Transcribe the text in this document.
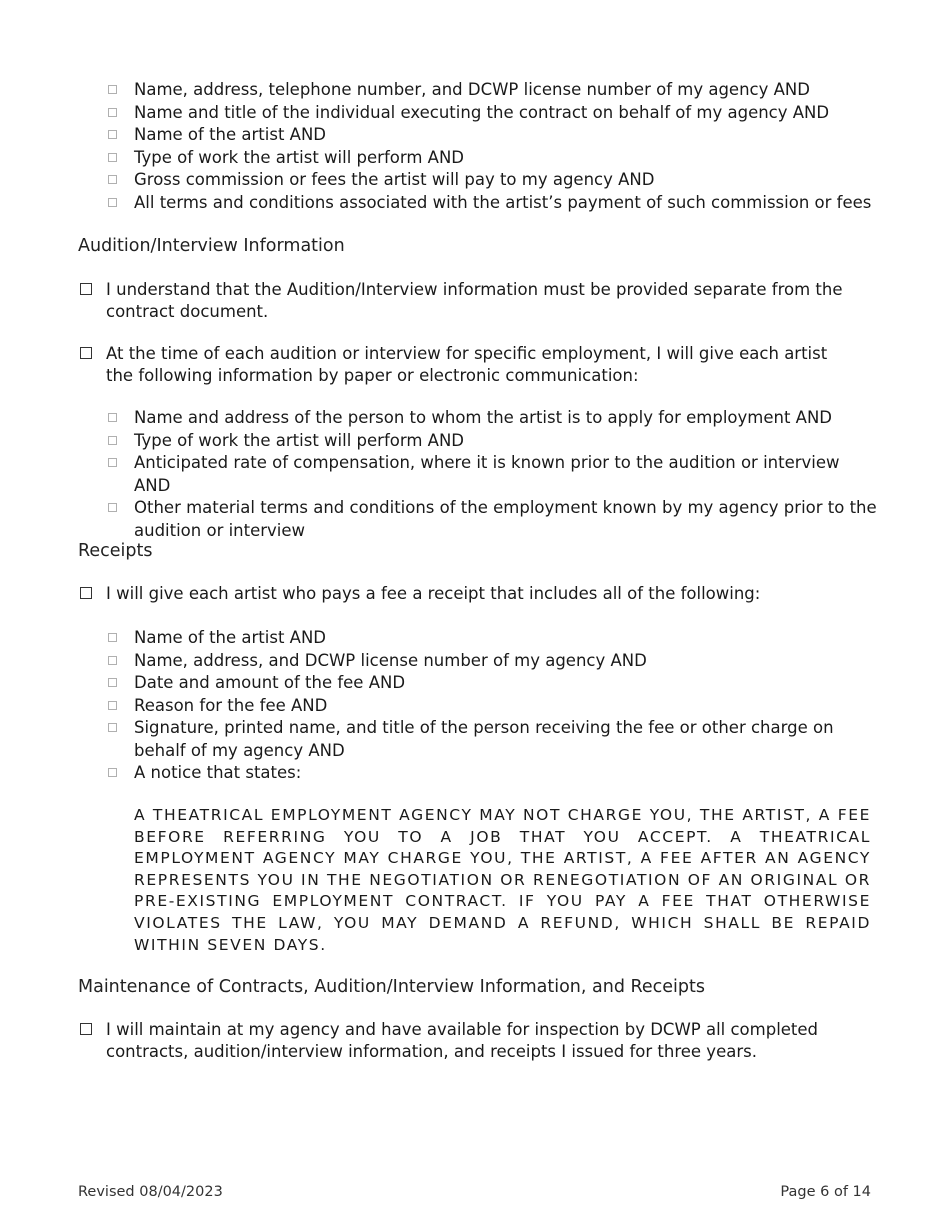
Name, address, telephone number, and DCWP license number of my agency AND
Name and title of the individual executing the contract on behalf of my agency AND
Name of the artist AND
Type of work the artist will perform AND
Gross commission or fees the artist will pay to my agency AND
All terms and conditions associated with the artist’s payment of such commission or fees
Audition/Interview Information
I understand that the Audition/Interview information must be provided separate from the contract document.
At the time of each audition or interview for specific employment, I will give each artist the following information by paper or electronic communication:
Name and address of the person to whom the artist is to apply for employment AND
Type of work the artist will perform AND
Anticipated rate of compensation, where it is known prior to the audition or interview AND
Other material terms and conditions of the employment known by my agency prior to the audition or interview
Receipts
I will give each artist who pays a fee a receipt that includes all of the following:
Name of the artist AND
Name, address, and DCWP license number of my agency AND
Date and amount of the fee AND
Reason for the fee AND
Signature, printed name, and title of the person receiving the fee or other charge on behalf of my agency AND
A notice that states:
A THEATRICAL EMPLOYMENT AGENCY MAY NOT CHARGE YOU, THE ARTIST, A FEE BEFORE REFERRING YOU TO A JOB THAT YOU ACCEPT. A THEATRICAL EMPLOYMENT AGENCY MAY CHARGE YOU, THE ARTIST, A FEE AFTER AN AGENCY REPRESENTS YOU IN THE NEGOTIATION OR RENEGOTIATION OF AN ORIGINAL OR PRE-EXISTING EMPLOYMENT CONTRACT. IF YOU PAY A FEE THAT OTHERWISE VIOLATES THE LAW, YOU MAY DEMAND A REFUND, WHICH SHALL BE REPAID WITHIN SEVEN DAYS.
Maintenance of Contracts, Audition/Interview Information, and Receipts
I will maintain at my agency and have available for inspection by DCWP all completed contracts, audition/interview information, and receipts I issued for three years.
Revised 08/04/2023	Page 6 of 14
